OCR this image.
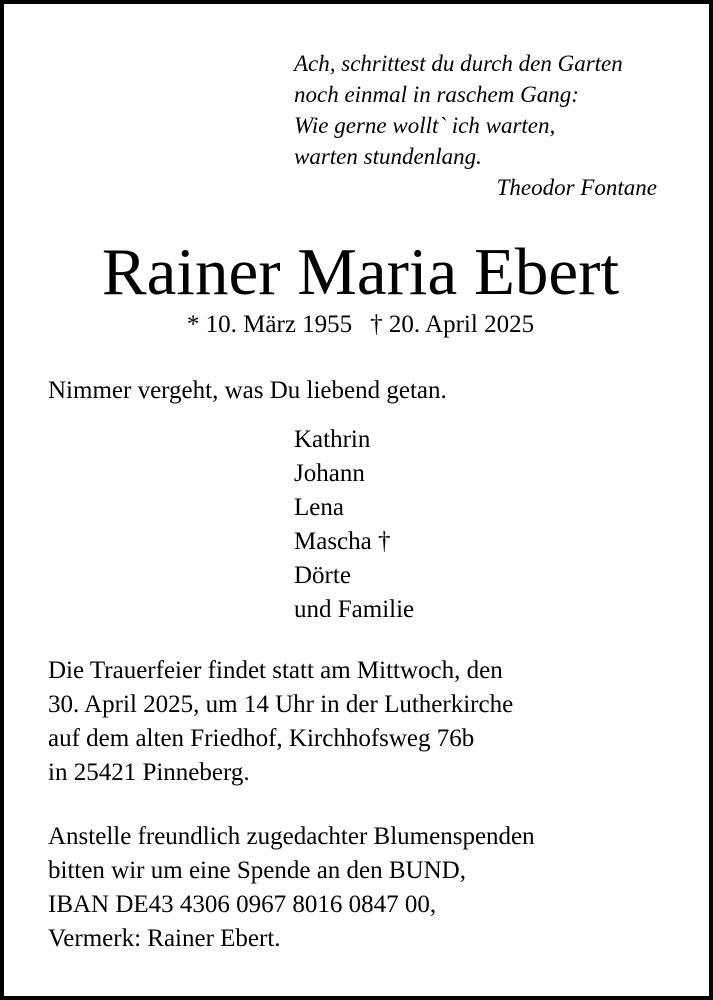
Ach, schrittest du durch den Garten
noch einmal in raschem Gang:
Wie gerne wollt` ich warten,
warten stundenlang.
Theodor Fontane
Rainer Maria Ebert
* 10. März 1955 † 20. April 2025
Nimmer vergeht, was Du liebend getan.
Kathrin
Johann
Lena
Mascha †
Dörte
und Familie
Die Trauerfeier findet statt am Mittwoch, den
30. April 2025, um 14 Uhr in der Lutherkirche
auf dem alten Friedhof, Kirchhofsweg 76b
in 25421 Pinneberg.
Anstelle freundlich zugedachter Blumenspenden
bitten wir um eine Spende an den BUND,
IBAN DE43 4306 0967 8016 0847 00,
Vermerk: Rainer Ebert.
